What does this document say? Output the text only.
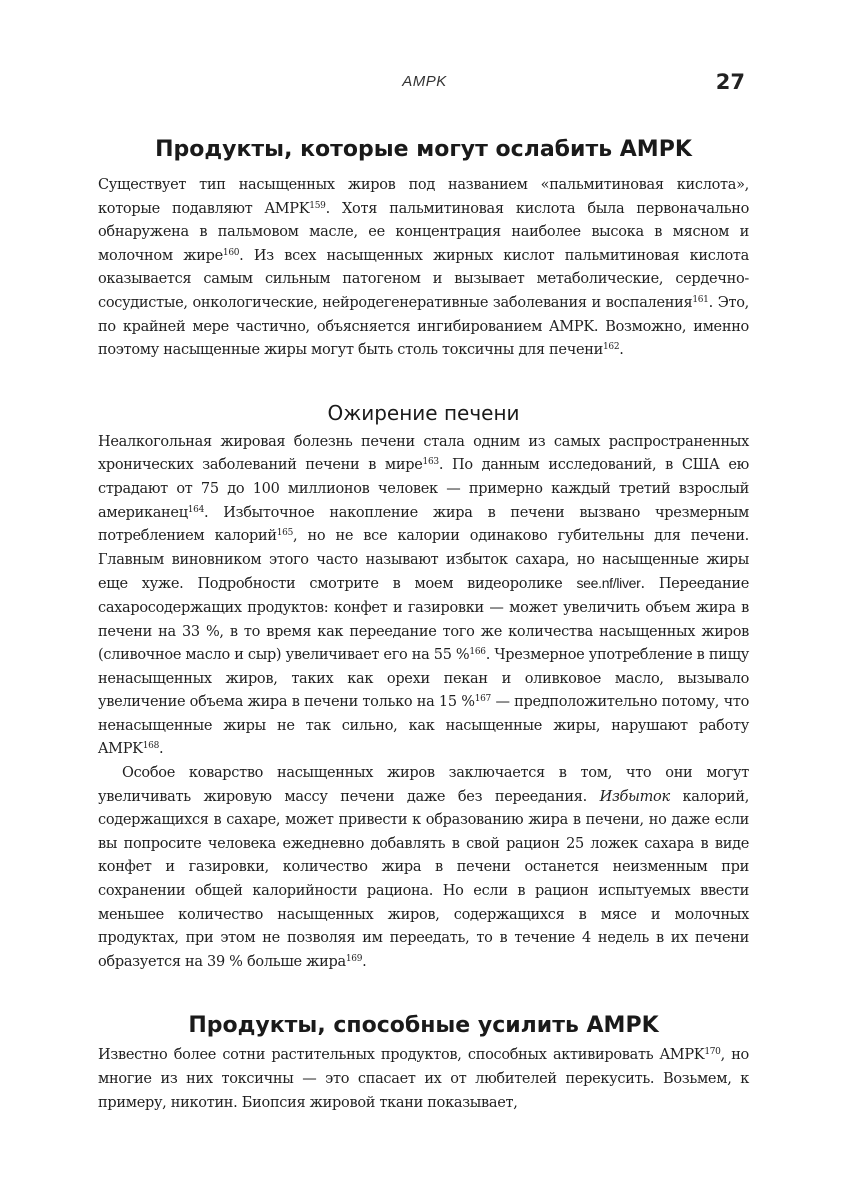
AMPK	27
Продукты, которые могут ослабить AMPK

Существует тип насыщенных жиров под названием «пальмитиновая кислота», которые подавляют AMPK$^{159}$. Хотя пальмитиновая кислота была первоначально обнаружена в пальмовом масле, ее концентрация наиболее высока в мясном и молочном жире$^{160}$. Из всех насыщенных жирных кислот пальмитиновая кислота оказывается самым сильным патогеном и вызывает метаболические, сердечно-сосудистые, онкологические, нейродегенеративные заболевания и воспаления$^{161}$. Это, по крайней мере частично, объясняется ингибированием AMPK. Возможно, именно поэтому насыщенные жиры могут быть столь токсичны для печени$^{162}$.

Ожирение печени

Неалкогольная жировая болезнь печени стала одним из самых распространенных хронических заболеваний печени в мире$^{163}$. По данным исследований, в США ею страдают от 75 до 100 миллионов человек — примерно каждый третий взрослый американец$^{164}$. Избыточное накопление жира в печени вызвано чрезмерным потреблением калорий$^{165}$, но не все калории одинаково губительны для печени. Главным виновником этого часто называют избыток сахара, но насыщенные жиры еще хуже. Подробности смотрите в моем видеоролике see.nf/liver. Переедание сахаросодержащих продуктов: конфет и газировки — может увеличить объем жира в печени на 33 %, в то время как переедание того же количества насыщенных жиров (сливочное масло и сыр) увеличивает его на 55 %$^{166}$. Чрезмерное употребление в пищу ненасыщенных жиров, таких как орехи пекан и оливковое масло, вызывало увеличение объема жира в печени только на 15 %$^{167}$ — предположительно потому, что ненасыщенные жиры не так сильно, как насыщенные жиры, нарушают работу AMPK$^{168}$.

Особое коварство насыщенных жиров заключается в том, что они могут увеличивать жировую массу печени даже без переедания. Избыток калорий, содержащихся в сахаре, может привести к образованию жира в печени, но даже если вы попросите человека ежедневно добавлять в свой рацион 25 ложек сахара в виде конфет и газировки, количество жира в печени останется неизменным при сохранении общей калорийности рациона. Но если в рацион испытуемых ввести меньшее количество насыщенных жиров, содержащихся в мясе и молочных продуктах, при этом не позволяя им переедать, то в течение 4 недель в их печени образуется на 39 % больше жира$^{169}$.

Продукты, способные усилить AMPK

Известно более сотни растительных продуктов, способных активировать AMPK$^{170}$, но многие из них токсичны — это спасает их от любителей перекусить. Возьмем, к примеру, никотин. Биопсия жировой ткани показывает,
